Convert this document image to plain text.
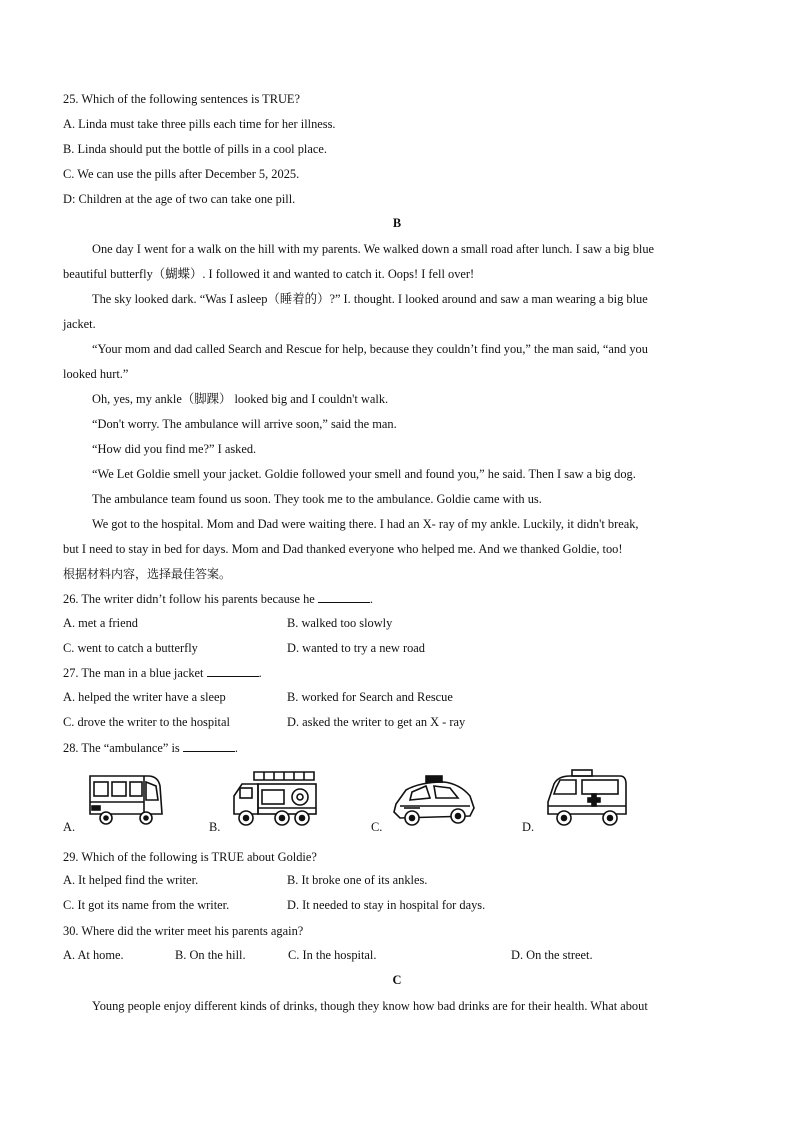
25. Which of the following sentences is TRUE?
A. Linda must take three pills each time for her illness.
B. Linda should put the bottle of pills in a cool place.
C. We can use the pills after December 5, 2025.
D: Children at the age of two can take one pill.
B
One day I went for a walk on the hill with my parents. We walked down a small road after lunch. I saw a big blue
beautiful butterfly（蝴蝶）. I followed it and wanted to catch it. Oops! I fell over!
The sky looked dark. “Was I asleep（睡着的）?” I. thought. I looked around and saw a man wearing a big blue
jacket.
“Your mom and dad called Search and Rescue for help, because they couldn’t find you,” the man said, “and you
looked hurt.”
Oh, yes, my ankle（脚踝） looked big and I couldn't walk.
“Don't worry. The ambulance will arrive soon,” said the man.
“How did you find me?” I asked.
“We Let Goldie smell your jacket. Goldie followed your smell and found you,” he said. Then I saw a big dog.
The ambulance team found us soon. They took me to the ambulance. Goldie came with us.
We got to the hospital. Mom and Dad were waiting there. I had an X- ray of my ankle. Luckily, it didn't break,
but I need to stay in bed for days. Mom and Dad thanked everyone who helped me. And we thanked Goldie, too!
根据材料内容，选择最佳答案。
26. The writer didn’t follow his parents because he	.
A. met a friend	B. walked too slowly
C. went to catch a butterfly	D. wanted to try a new road
27. The man in a blue jacket	.
A. helped the writer have a sleep	B. worked for Search and Rescue
C. drove the writer to the hospital	D. asked the writer to get an X - ray
28. The “ambulance” is	.
A.	B.	C.	D.
29. Which of the following is TRUE about Goldie?
A. It helped find the writer.	B. It broke one of its ankles.
C. It got its name from the writer.	D. It needed to stay in hospital for days.
30. Where did the writer meet his parents again?
A. At home.	B. On the hill.	C. In the hospital.	D. On the street.
C
Young people enjoy different kinds of drinks, though they know how bad drinks are for their health. What about
